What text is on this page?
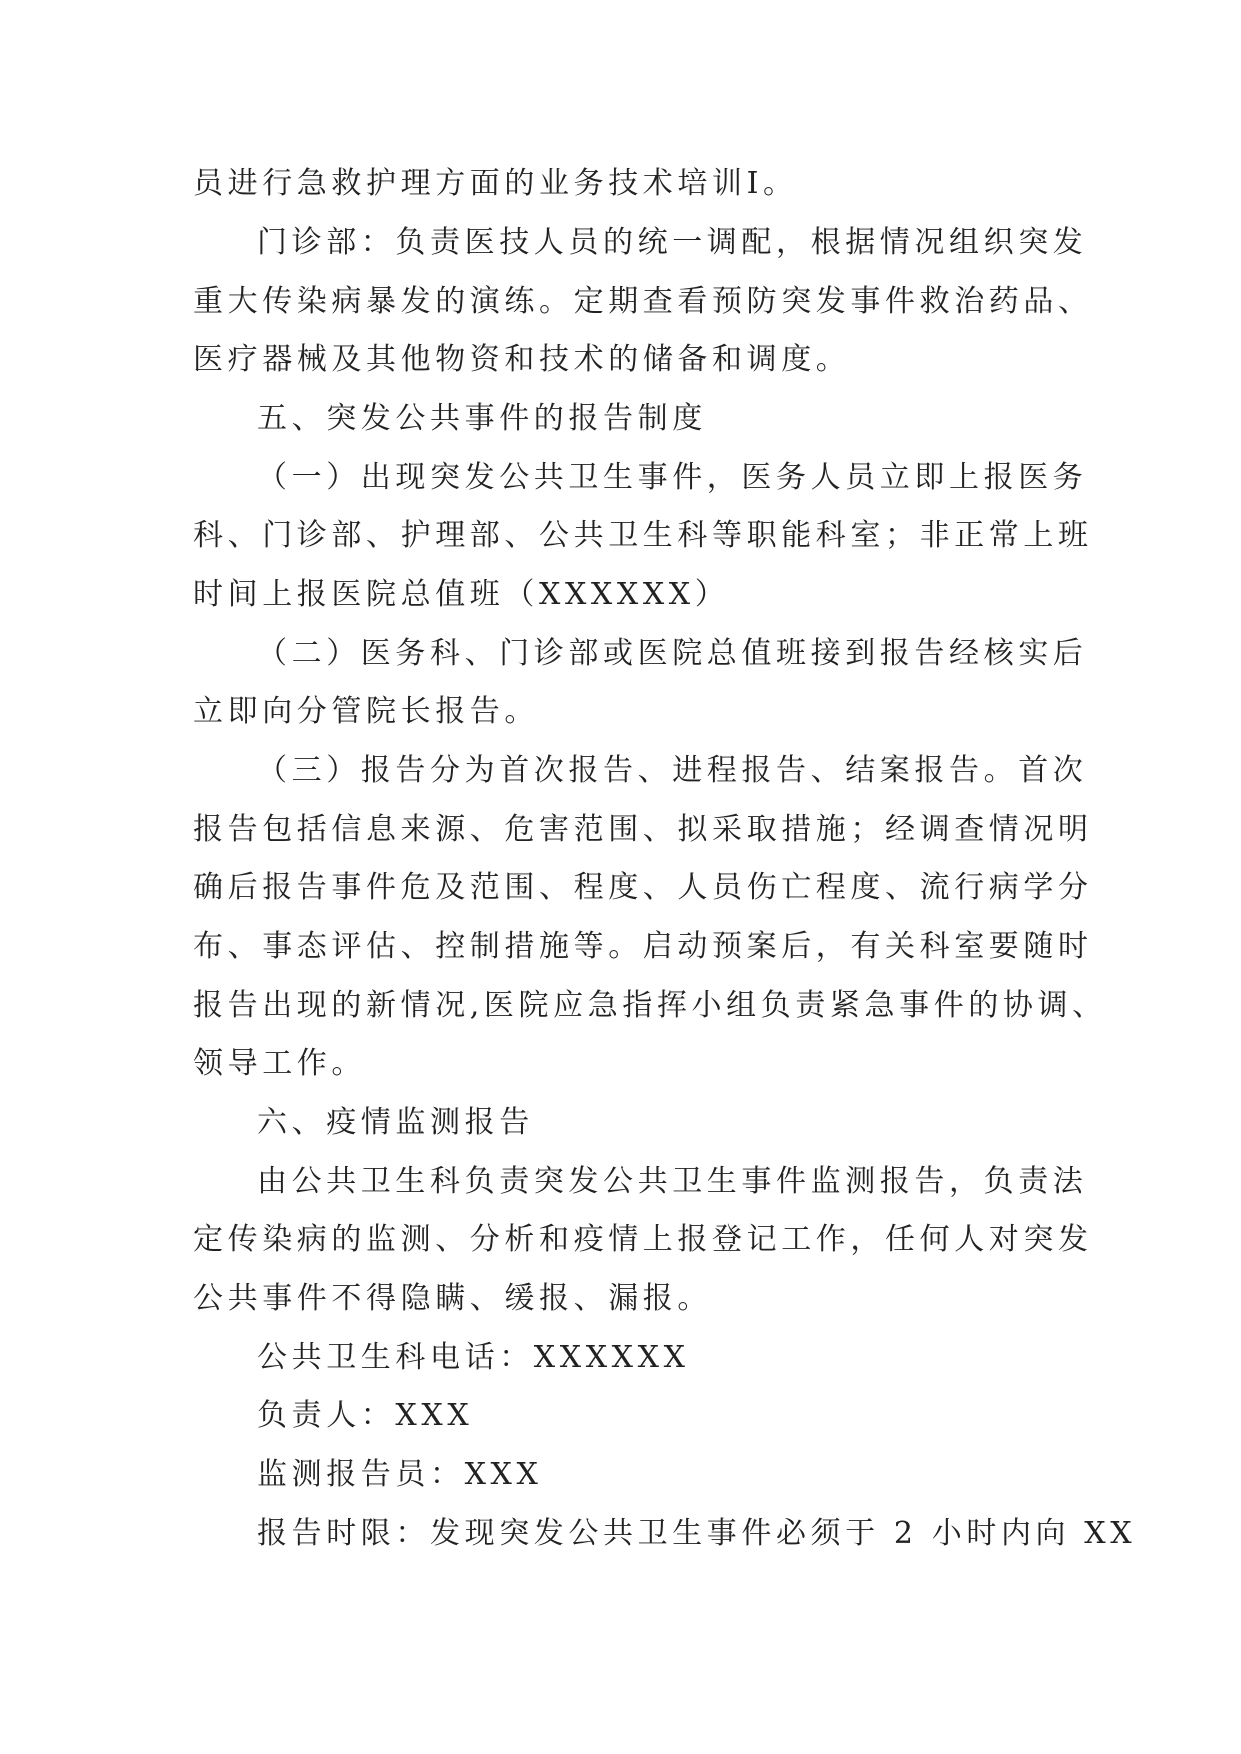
员进行急救护理方面的业务技术培训Ⅰ。
门诊部：负责医技人员的统一调配，根据情况组织突发
重大传染病暴发的演练。定期查看预防突发事件救治药品、
医疗器械及其他物资和技术的储备和调度。
五、突发公共事件的报告制度
（一）出现突发公共卫生事件，医务人员立即上报医务
科、门诊部、护理部、公共卫生科等职能科室；非正常上班
时间上报医院总值班（XXXXXX）
（二）医务科、门诊部或医院总值班接到报告经核实后
立即向分管院长报告。
（三）报告分为首次报告、进程报告、结案报告。首次
报告包括信息来源、危害范围、拟采取措施；经调查情况明
确后报告事件危及范围、程度、人员伤亡程度、流行病学分
布、事态评估、控制措施等。启动预案后，有关科室要随时
报告出现的新情况,医院应急指挥小组负责紧急事件的协调、
领导工作。
六、疫情监测报告
由公共卫生科负责突发公共卫生事件监测报告，负责法
定传染病的监测、分析和疫情上报登记工作，任何人对突发
公共事件不得隐瞒、缓报、漏报。
公共卫生科电话：XXXXXX
负责人：XXX
监测报告员：XXX
报告时限：发现突发公共卫生事件必须于 2 小时内向 XX
